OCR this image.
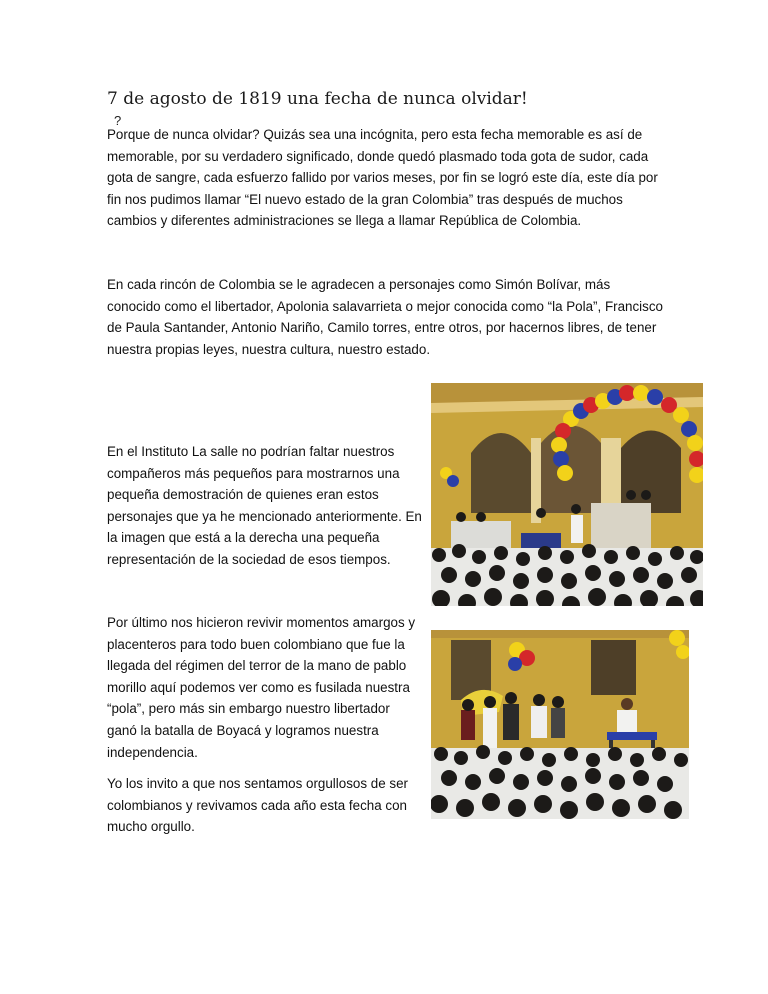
7 de agosto de 1819 una fecha de nunca olvidar!
?

Porque de nunca olvidar? Quizás sea una incógnita, pero esta fecha memorable es así de memorable, por su verdadero significado, donde quedó plasmado toda gota de sudor, cada gota de sangre, cada esfuerzo fallido por varios meses, por fin se logró este día, este día por fin nos pudimos llamar “El nuevo estado de la gran Colombia” tras después de muchos cambios y diferentes administraciones se llega a llamar República de Colombia.

En cada rincón de Colombia se le agradecen a personajes como Simón Bolívar, más conocido como el libertador, Apolonia salavarrieta o mejor conocida como “la Pola”, Francisco de Paula Santander, Antonio Nariño, Camilo torres, entre otros, por hacernos libres, de tener nuestra propias leyes, nuestra cultura, nuestro estado.

En el Instituto La salle no podrían faltar nuestros compañeros más pequeños para mostrarnos una pequeña demostración de quienes eran estos personajes que ya he mencionado anteriormente. En la imagen que está a la derecha una pequeña representación de la sociedad de esos tiempos.

Por último nos hicieron revivir momentos amargos y placenteros para todo buen colombiano que fue la llegada del régimen del terror de la mano de pablo morillo aquí podemos ver como es fusilada nuestra “pola”, pero más sin embargo nuestro libertador ganó la batalla de Boyacá y logramos nuestra independencia.

Yo los invito a que nos sentamos orgullosos de ser colombianos y revivamos cada año esta fecha con mucho orgullo.
